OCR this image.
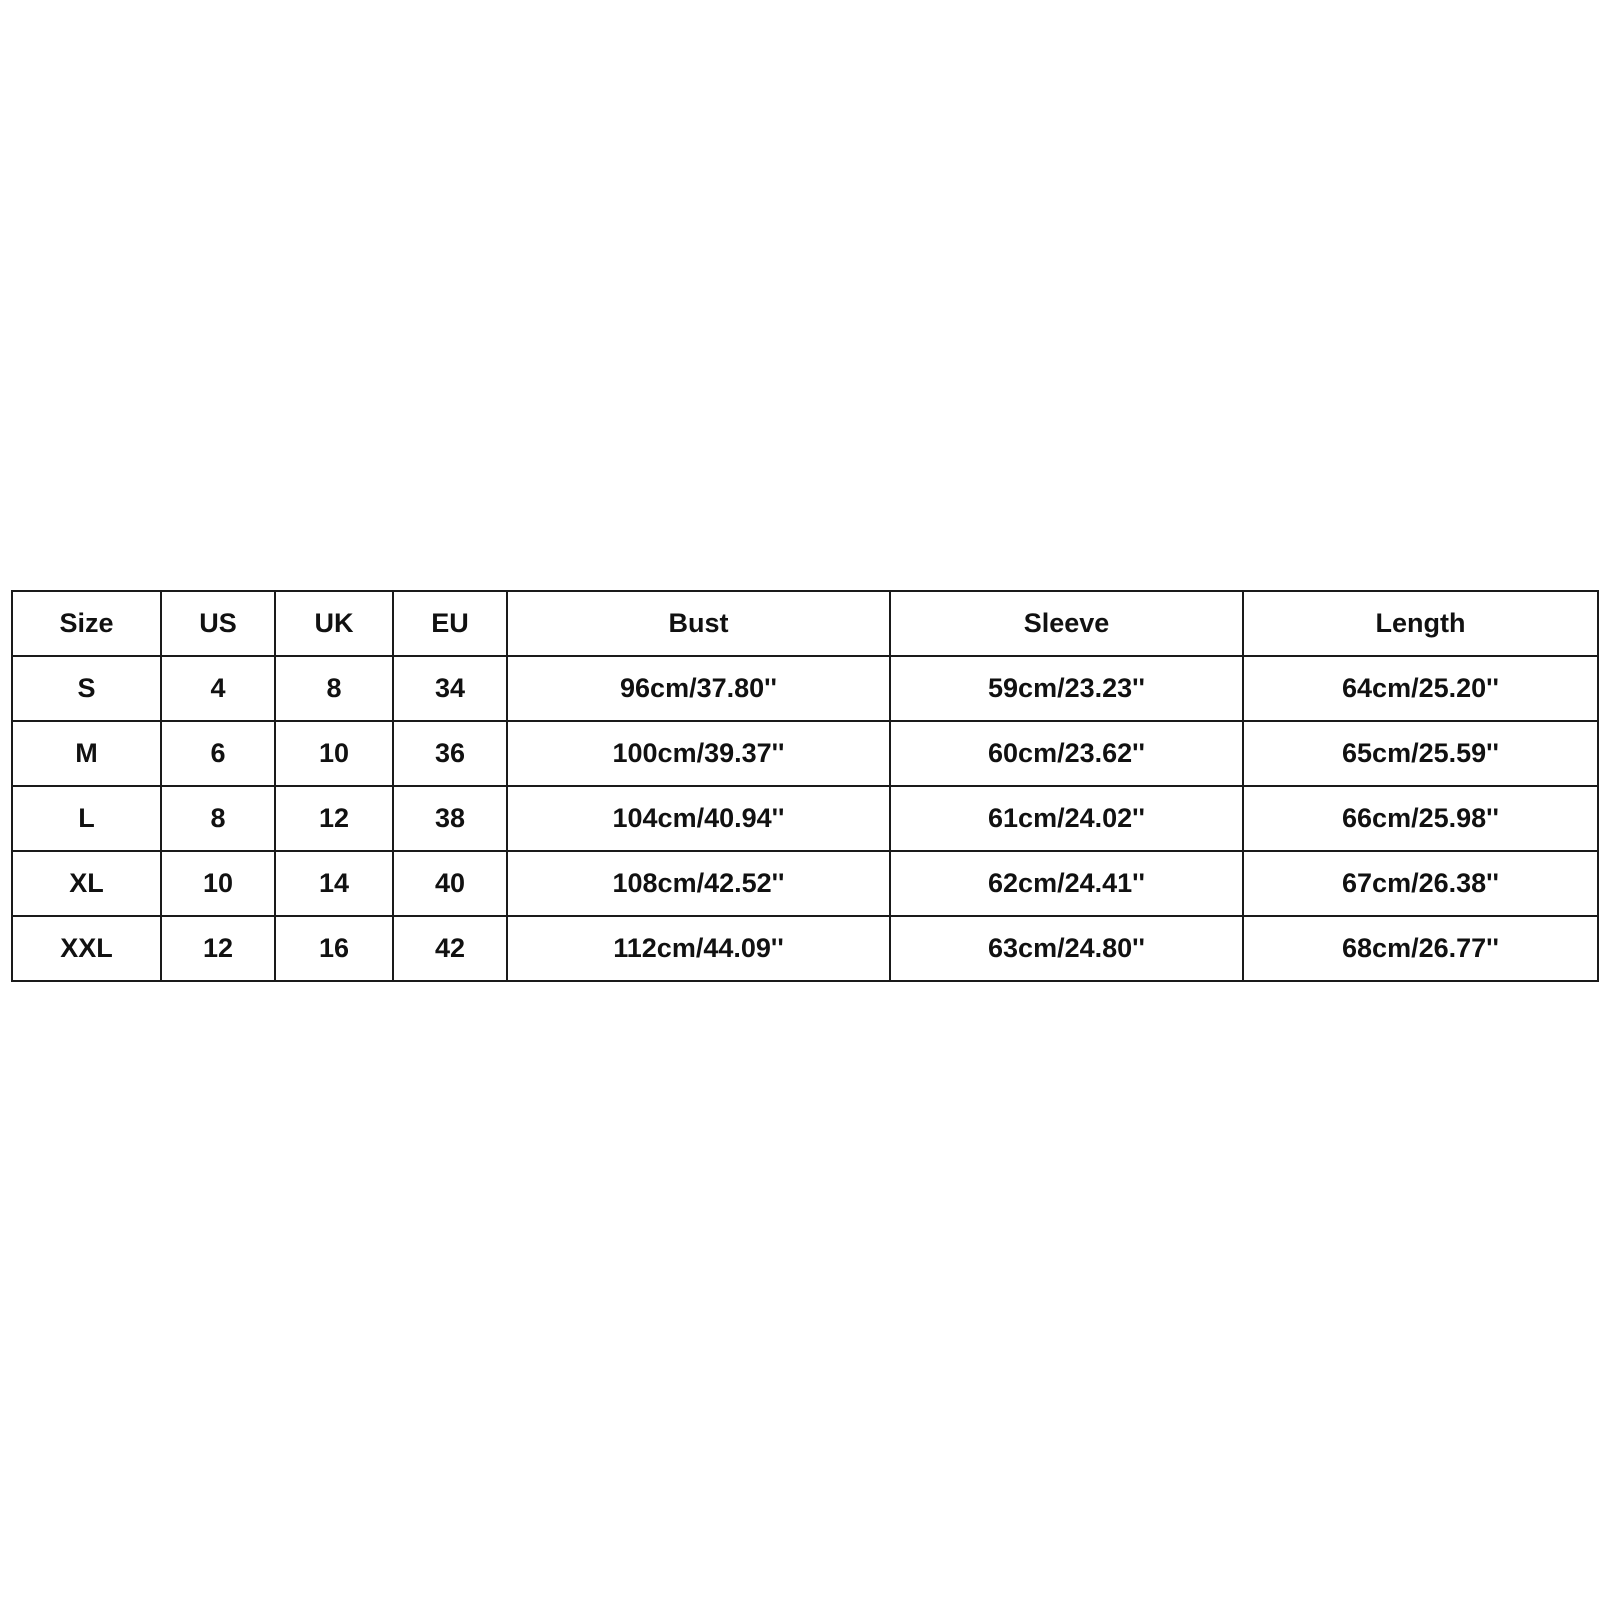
Size	US	UK	EU	Bust	Sleeve	Length
S	4	8	34	96cm/37.80''	59cm/23.23''	64cm/25.20''
M	6	10	36	100cm/39.37''	60cm/23.62''	65cm/25.59''
L	8	12	38	104cm/40.94''	61cm/24.02''	66cm/25.98''
XL	10	14	40	108cm/42.52''	62cm/24.41''	67cm/26.38''
XXL	12	16	42	112cm/44.09''	63cm/24.80''	68cm/26.77''
